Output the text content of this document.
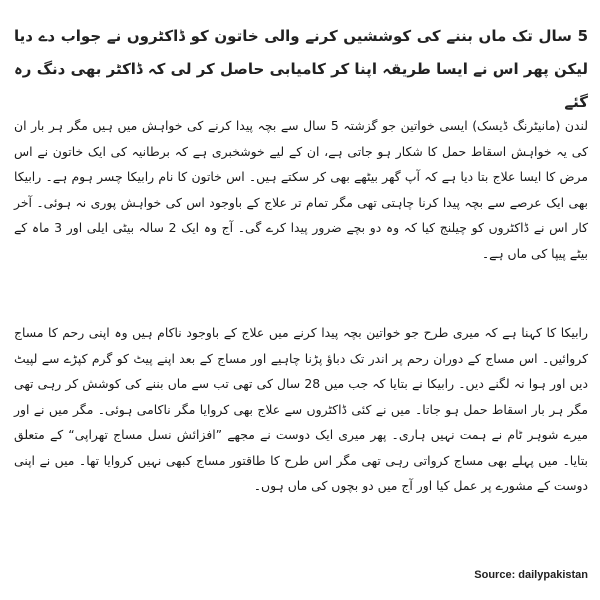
5 سال تک ماں بننے کی کوششیں کرنے والی خاتون کو ڈاکٹروں نے جواب دے دیا لیکن پھر اس نے ایسا طریقہ اپنا کر کامیابی حاصل کر لی کہ ڈاکٹر بھی دنگ رہ گئے

لندن (مانیٹرنگ ڈیسک) ایسی خواتین جو گزشتہ 5 سال سے بچہ پیدا کرنے کی خواہش میں ہیں مگر ہر بار ان کی یہ خواہش اسقاط حمل کا شکار ہو جاتی ہے، ان کے لیے خوشخبری ہے کہ برطانیہ کی ایک خاتون نے اس مرض کا ایسا علاج بتا دیا ہے کہ آپ گھر بیٹھے بھی کر سکتے ہیں۔ اس خاتون کا نام رابیکا چسر ہوم ہے۔ رابیکا بھی ایک عرصے سے بچہ پیدا کرنا چاہتی تھی مگر تمام تر علاج کے باوجود اس کی خواہش پوری نہ ہوئی۔ آخر کار اس نے ڈاکٹروں کو چیلنج کیا کہ وہ دو بچے ضرور پیدا کرے گی۔ آج وہ ایک 2 سالہ بیٹی ایلی اور 3 ماہ کے بیٹے پیپا کی ماں ہے۔

رابیکا کا کہنا ہے کہ میری طرح جو خواتین بچہ پیدا کرنے میں علاج کے باوجود ناکام ہیں وہ اپنی رحم کا مساج کروائیں۔ اس مساج کے دوران رحم پر اندر تک دباؤ پڑنا چاہیے اور مساج کے بعد اپنے پیٹ کو گرم کپڑے سے لپیٹ دیں اور ہوا نہ لگنے دیں۔ رابیکا نے بتایا کہ جب میں 28 سال کی تھی تب سے ماں بننے کی کوشش کر رہی تھی مگر ہر بار اسقاط حمل ہو جاتا۔ میں نے کئی ڈاکٹروں سے علاج بھی کروایا مگر ناکامی ہوئی۔ مگر میں نے اور میرے شوہر ٹام نے ہمت نہیں ہاری۔ پھر میری ایک دوست نے مجھے ”افزائش نسل مساج تھراپی“ کے متعلق بتایا۔ میں پہلے بھی مساج کرواتی رہی تھی مگر اس طرح کا طاقتور مساج کبھی نہیں کروایا تھا۔ میں نے اپنی دوست کے مشورے پر عمل کیا اور آج میں دو بچوں کی ماں ہوں۔

Source: dailypakistan
